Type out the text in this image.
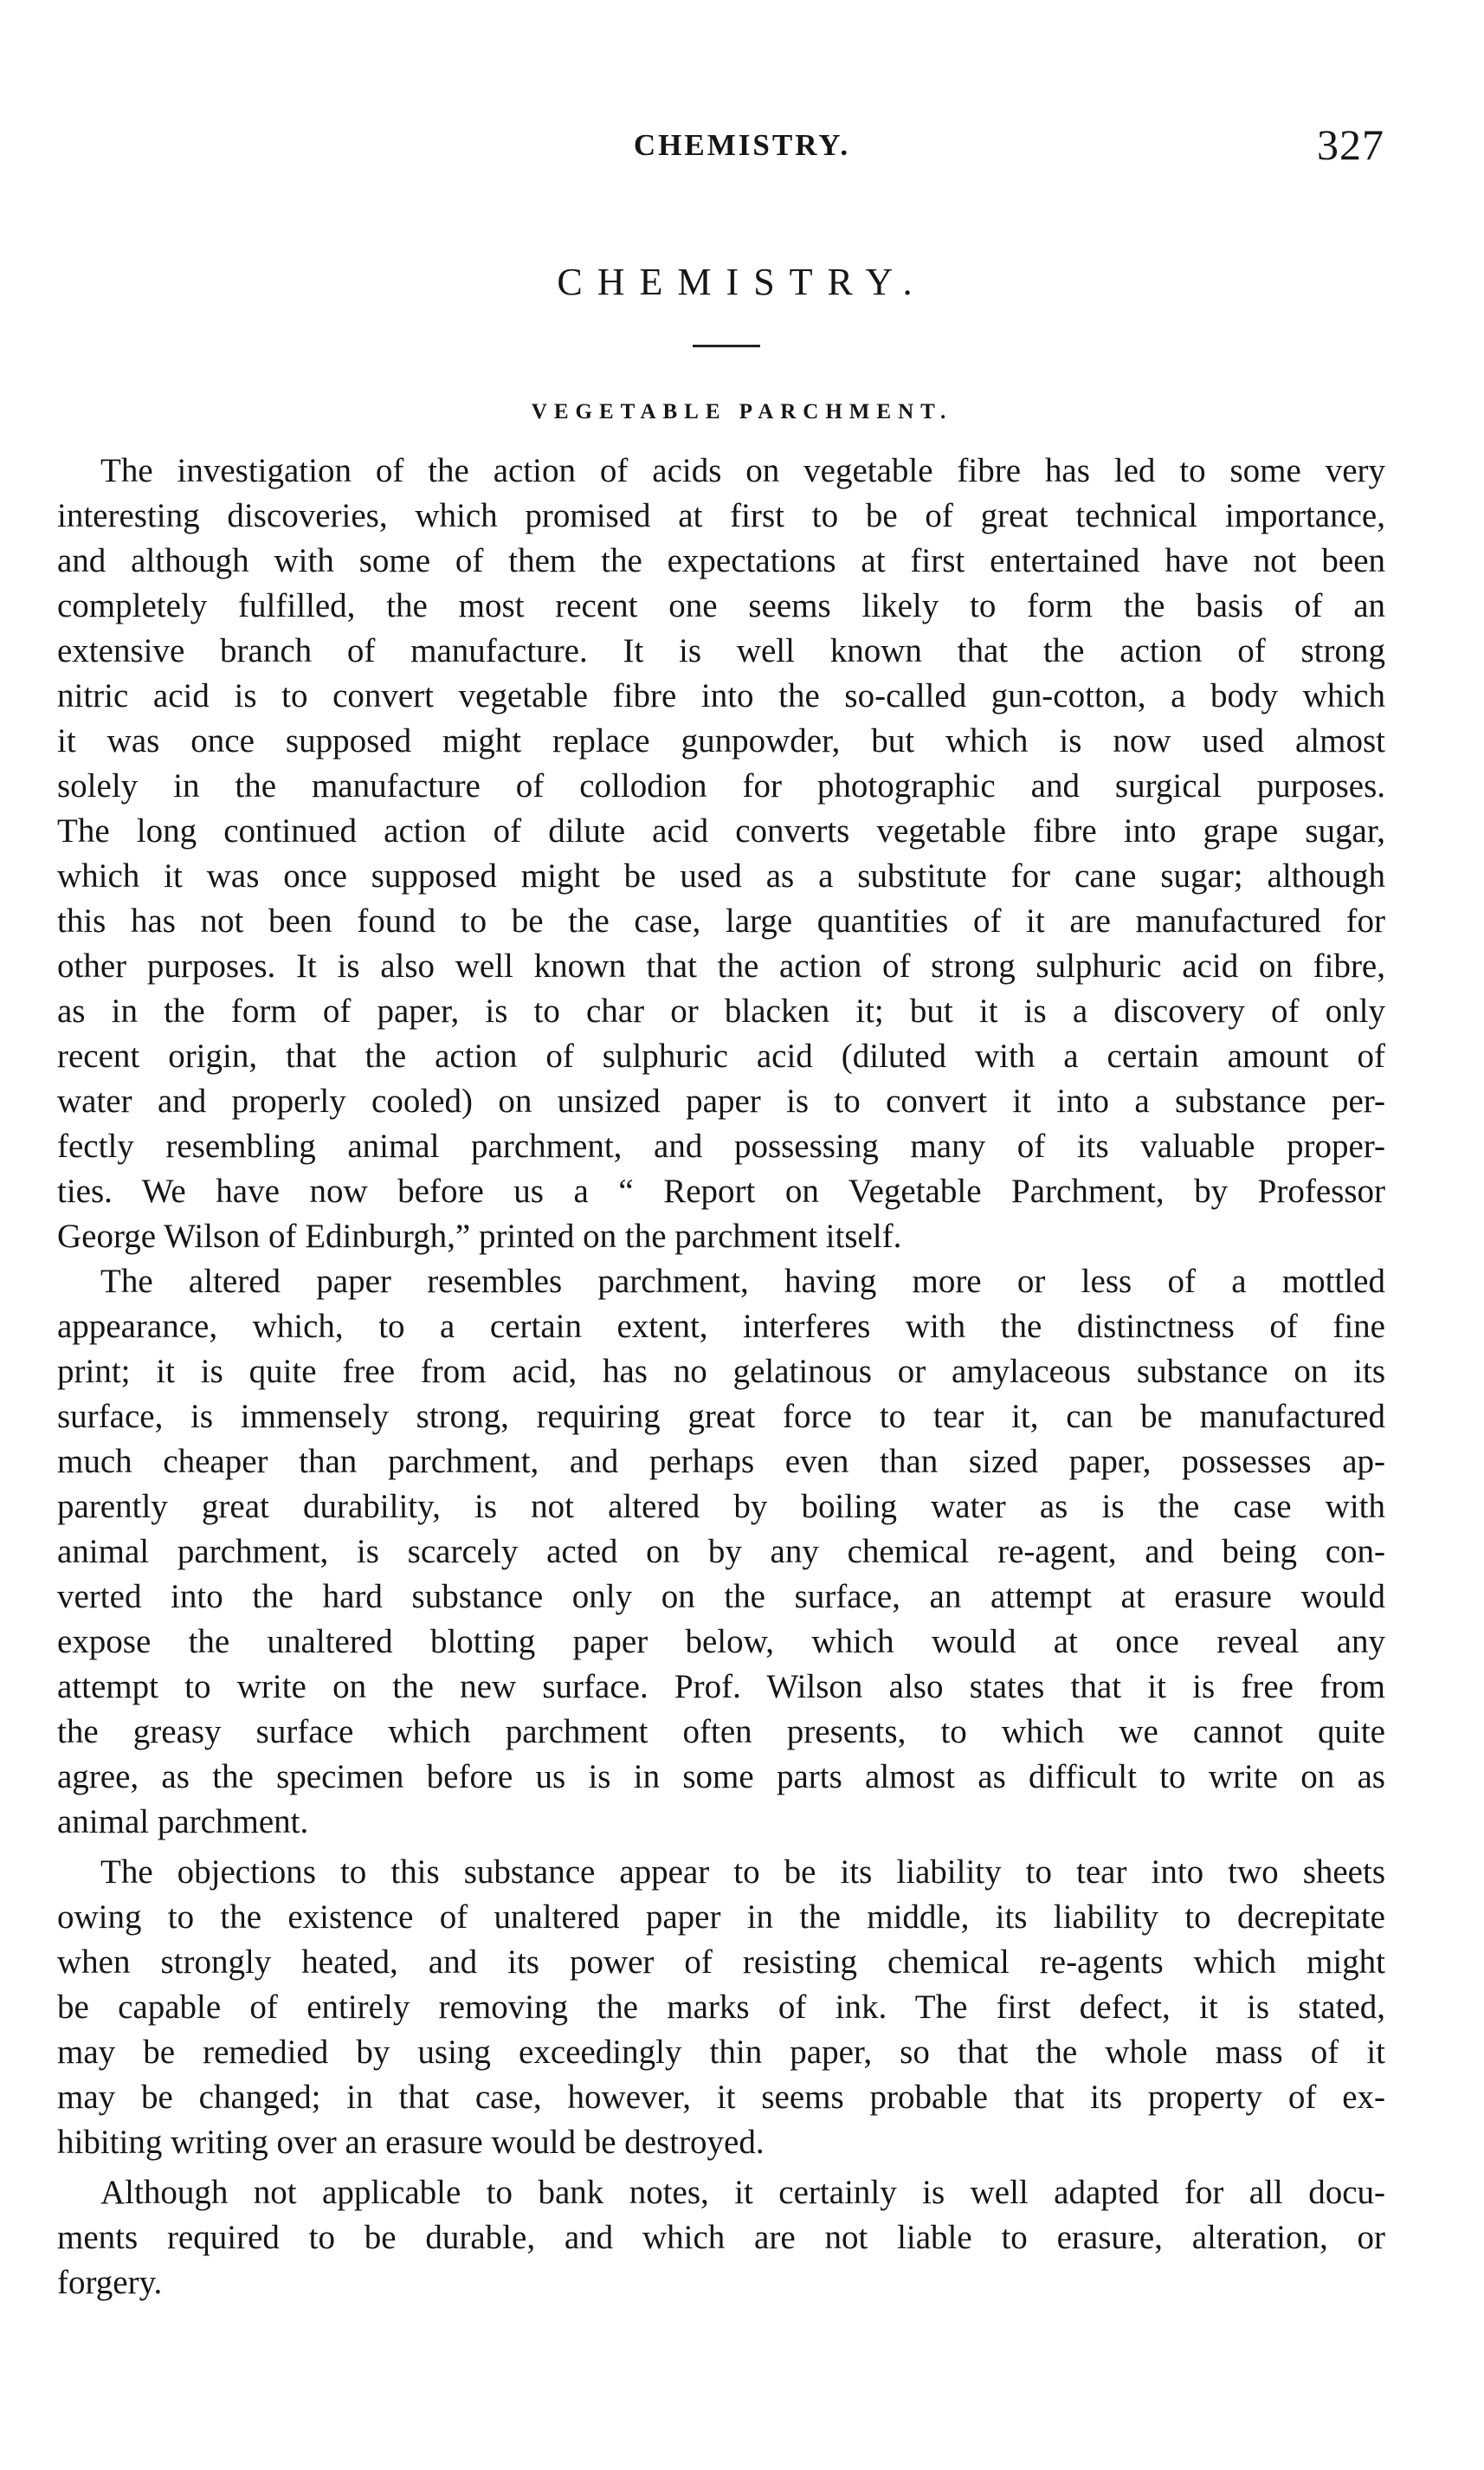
CHEMISTRY.	327
CHEMISTRY.
VEGETABLE PARCHMENT.
The investigation of the action of acids on vegetable fibre has led to some very
interesting discoveries, which promised at first to be of great technical importance,
and although with some of them the expectations at first entertained have not been
completely fulfilled, the most recent one seems likely to form the basis of an
extensive branch of manufacture. It is well known that the action of strong
nitric acid is to convert vegetable fibre into the so-called gun-cotton, a body which
it was once supposed might replace gunpowder, but which is now used almost
solely in the manufacture of collodion for photographic and surgical purposes.
The long continued action of dilute acid converts vegetable fibre into grape sugar,
which it was once supposed might be used as a substitute for cane sugar; although
this has not been found to be the case, large quantities of it are manufactured for
other purposes. It is also well known that the action of strong sulphuric acid on fibre,
as in the form of paper, is to char or blacken it; but it is a discovery of only
recent origin, that the action of sulphuric acid (diluted with a certain amount of
water and properly cooled) on unsized paper is to convert it into a substance per-
fectly resembling animal parchment, and possessing many of its valuable proper-
ties. We have now before us a “ Report on Vegetable Parchment, by Professor
George Wilson of Edinburgh,” printed on the parchment itself.
The altered paper resembles parchment, having more or less of a mottled
appearance, which, to a certain extent, interferes with the distinctness of fine
print; it is quite free from acid, has no gelatinous or amylaceous substance on its
surface, is immensely strong, requiring great force to tear it, can be manufactured
much cheaper than parchment, and perhaps even than sized paper, possesses ap-
parently great durability, is not altered by boiling water as is the case with
animal parchment, is scarcely acted on by any chemical re-agent, and being con-
verted into the hard substance only on the surface, an attempt at erasure would
expose the unaltered blotting paper below, which would at once reveal any
attempt to write on the new surface. Prof. Wilson also states that it is free from
the greasy surface which parchment often presents, to which we cannot quite
agree, as the specimen before us is in some parts almost as difficult to write on as
animal parchment.
The objections to this substance appear to be its liability to tear into two sheets
owing to the existence of unaltered paper in the middle, its liability to decrepitate
when strongly heated, and its power of resisting chemical re-agents which might
be capable of entirely removing the marks of ink. The first defect, it is stated,
may be remedied by using exceedingly thin paper, so that the whole mass of it
may be changed; in that case, however, it seems probable that its property of ex-
hibiting writing over an erasure would be destroyed.
Although not applicable to bank notes, it certainly is well adapted for all docu-
ments required to be durable, and which are not liable to erasure, alteration, or
forgery.
